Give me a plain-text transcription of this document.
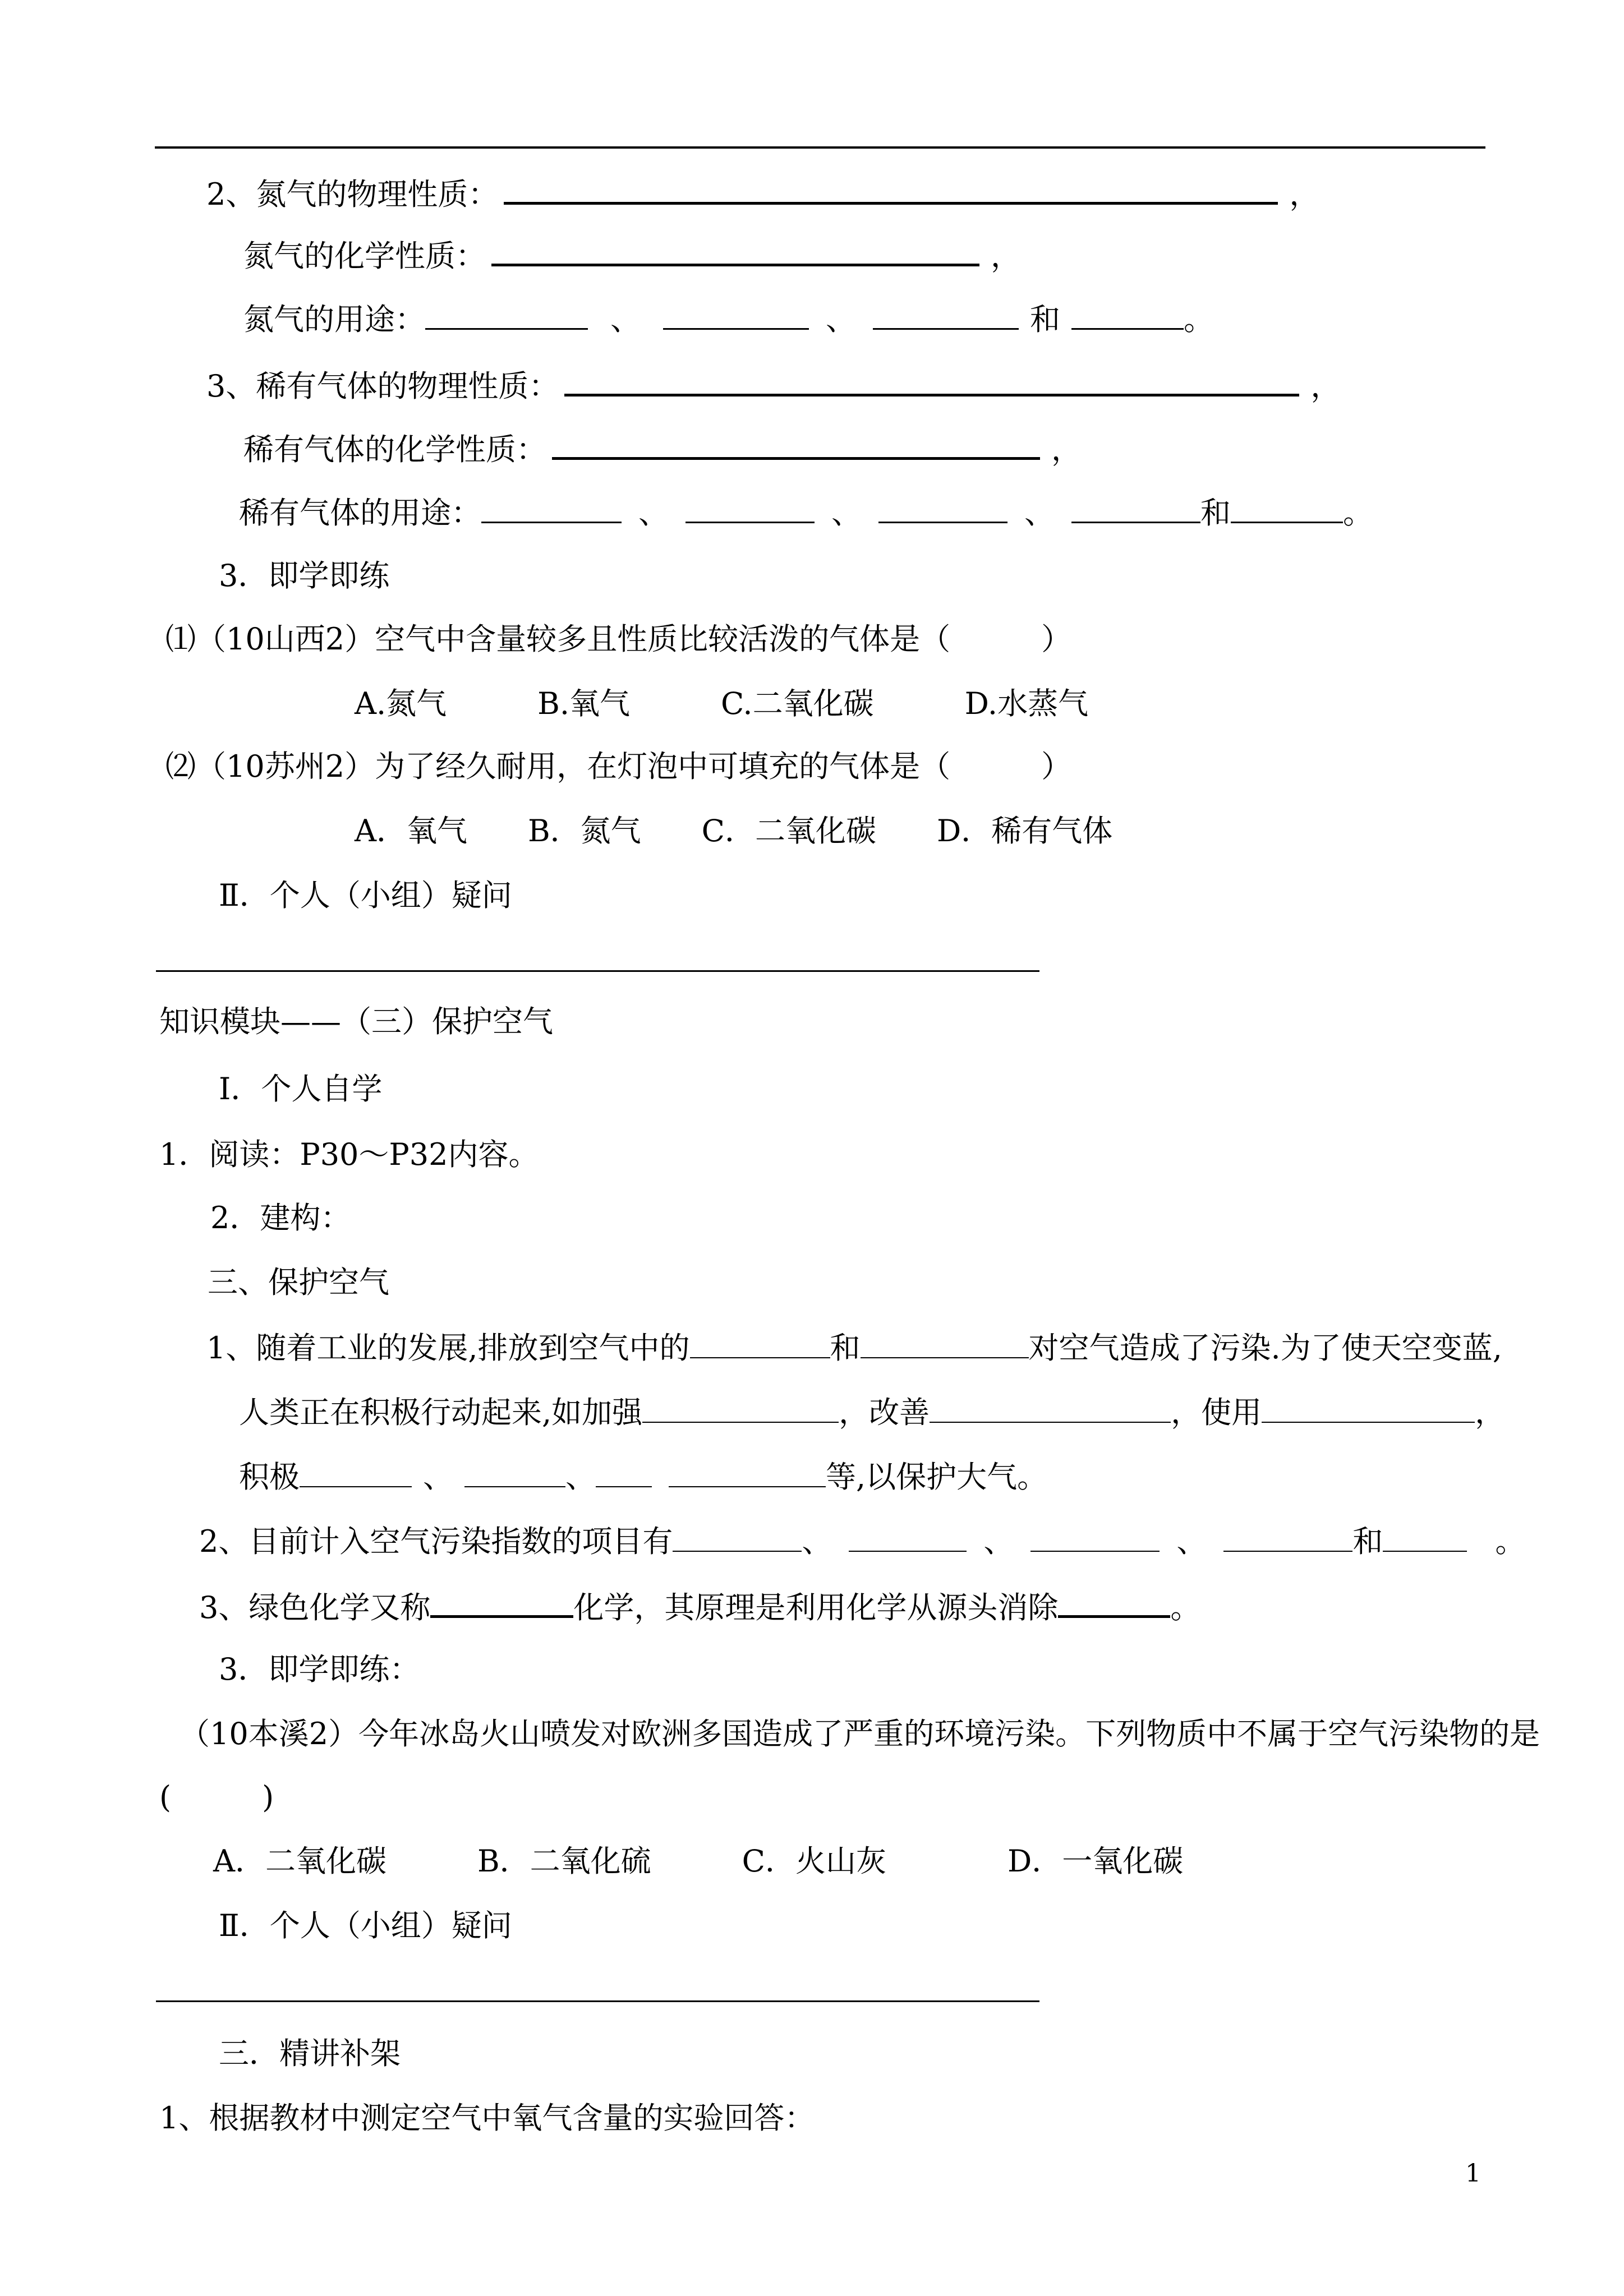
2、氮气的物理性质：	，
氮气的化学性质：	，
氮气的用途：	、	、	和	。
3、稀有气体的物理性质：	，
稀有气体的化学性质：	，
稀有气体的用途：	、	、	、	和	。
3．即学即练
⑴（10山西2）空气中含量较多且性质比较活泼的气体是（　　　）
A.氮气　　　B.氧气　　　C.二氧化碳　　　D.水蒸气
⑵（10苏州2）为了经久耐用，在灯泡中可填充的气体是（　　　）
A．氧气　　B．氮气　　C．二氧化碳　　D．稀有气体
Ⅱ．个人（小组）疑问
知识模块——（三）保护空气
Ⅰ．个人自学
1．阅读：P30～P32内容。
2．建构：
三、保护空气
1、随着工业的发展,排放到空气中的	和	对空气造成了污染.为了使天空变蓝,
人类正在积极行动起来,如加强	，改善	，使用	，
积极	、	、	等,以保护大气。
2、目前计入空气污染指数的项目有	、	、	、	和	。
3、绿色化学又称	化学，其原理是利用化学从源头消除	。
3．即学即练：
（10本溪2）今年冰岛火山喷发对欧洲多国造成了严重的环境污染。下列物质中不属于空气污染物的是
(　　　)
A．二氧化碳　　　B．二氧化硫　　　C．火山灰　　　　D．一氧化碳
Ⅱ．个人（小组）疑问
三．精讲补架
1、根据教材中测定空气中氧气含量的实验回答：
1
